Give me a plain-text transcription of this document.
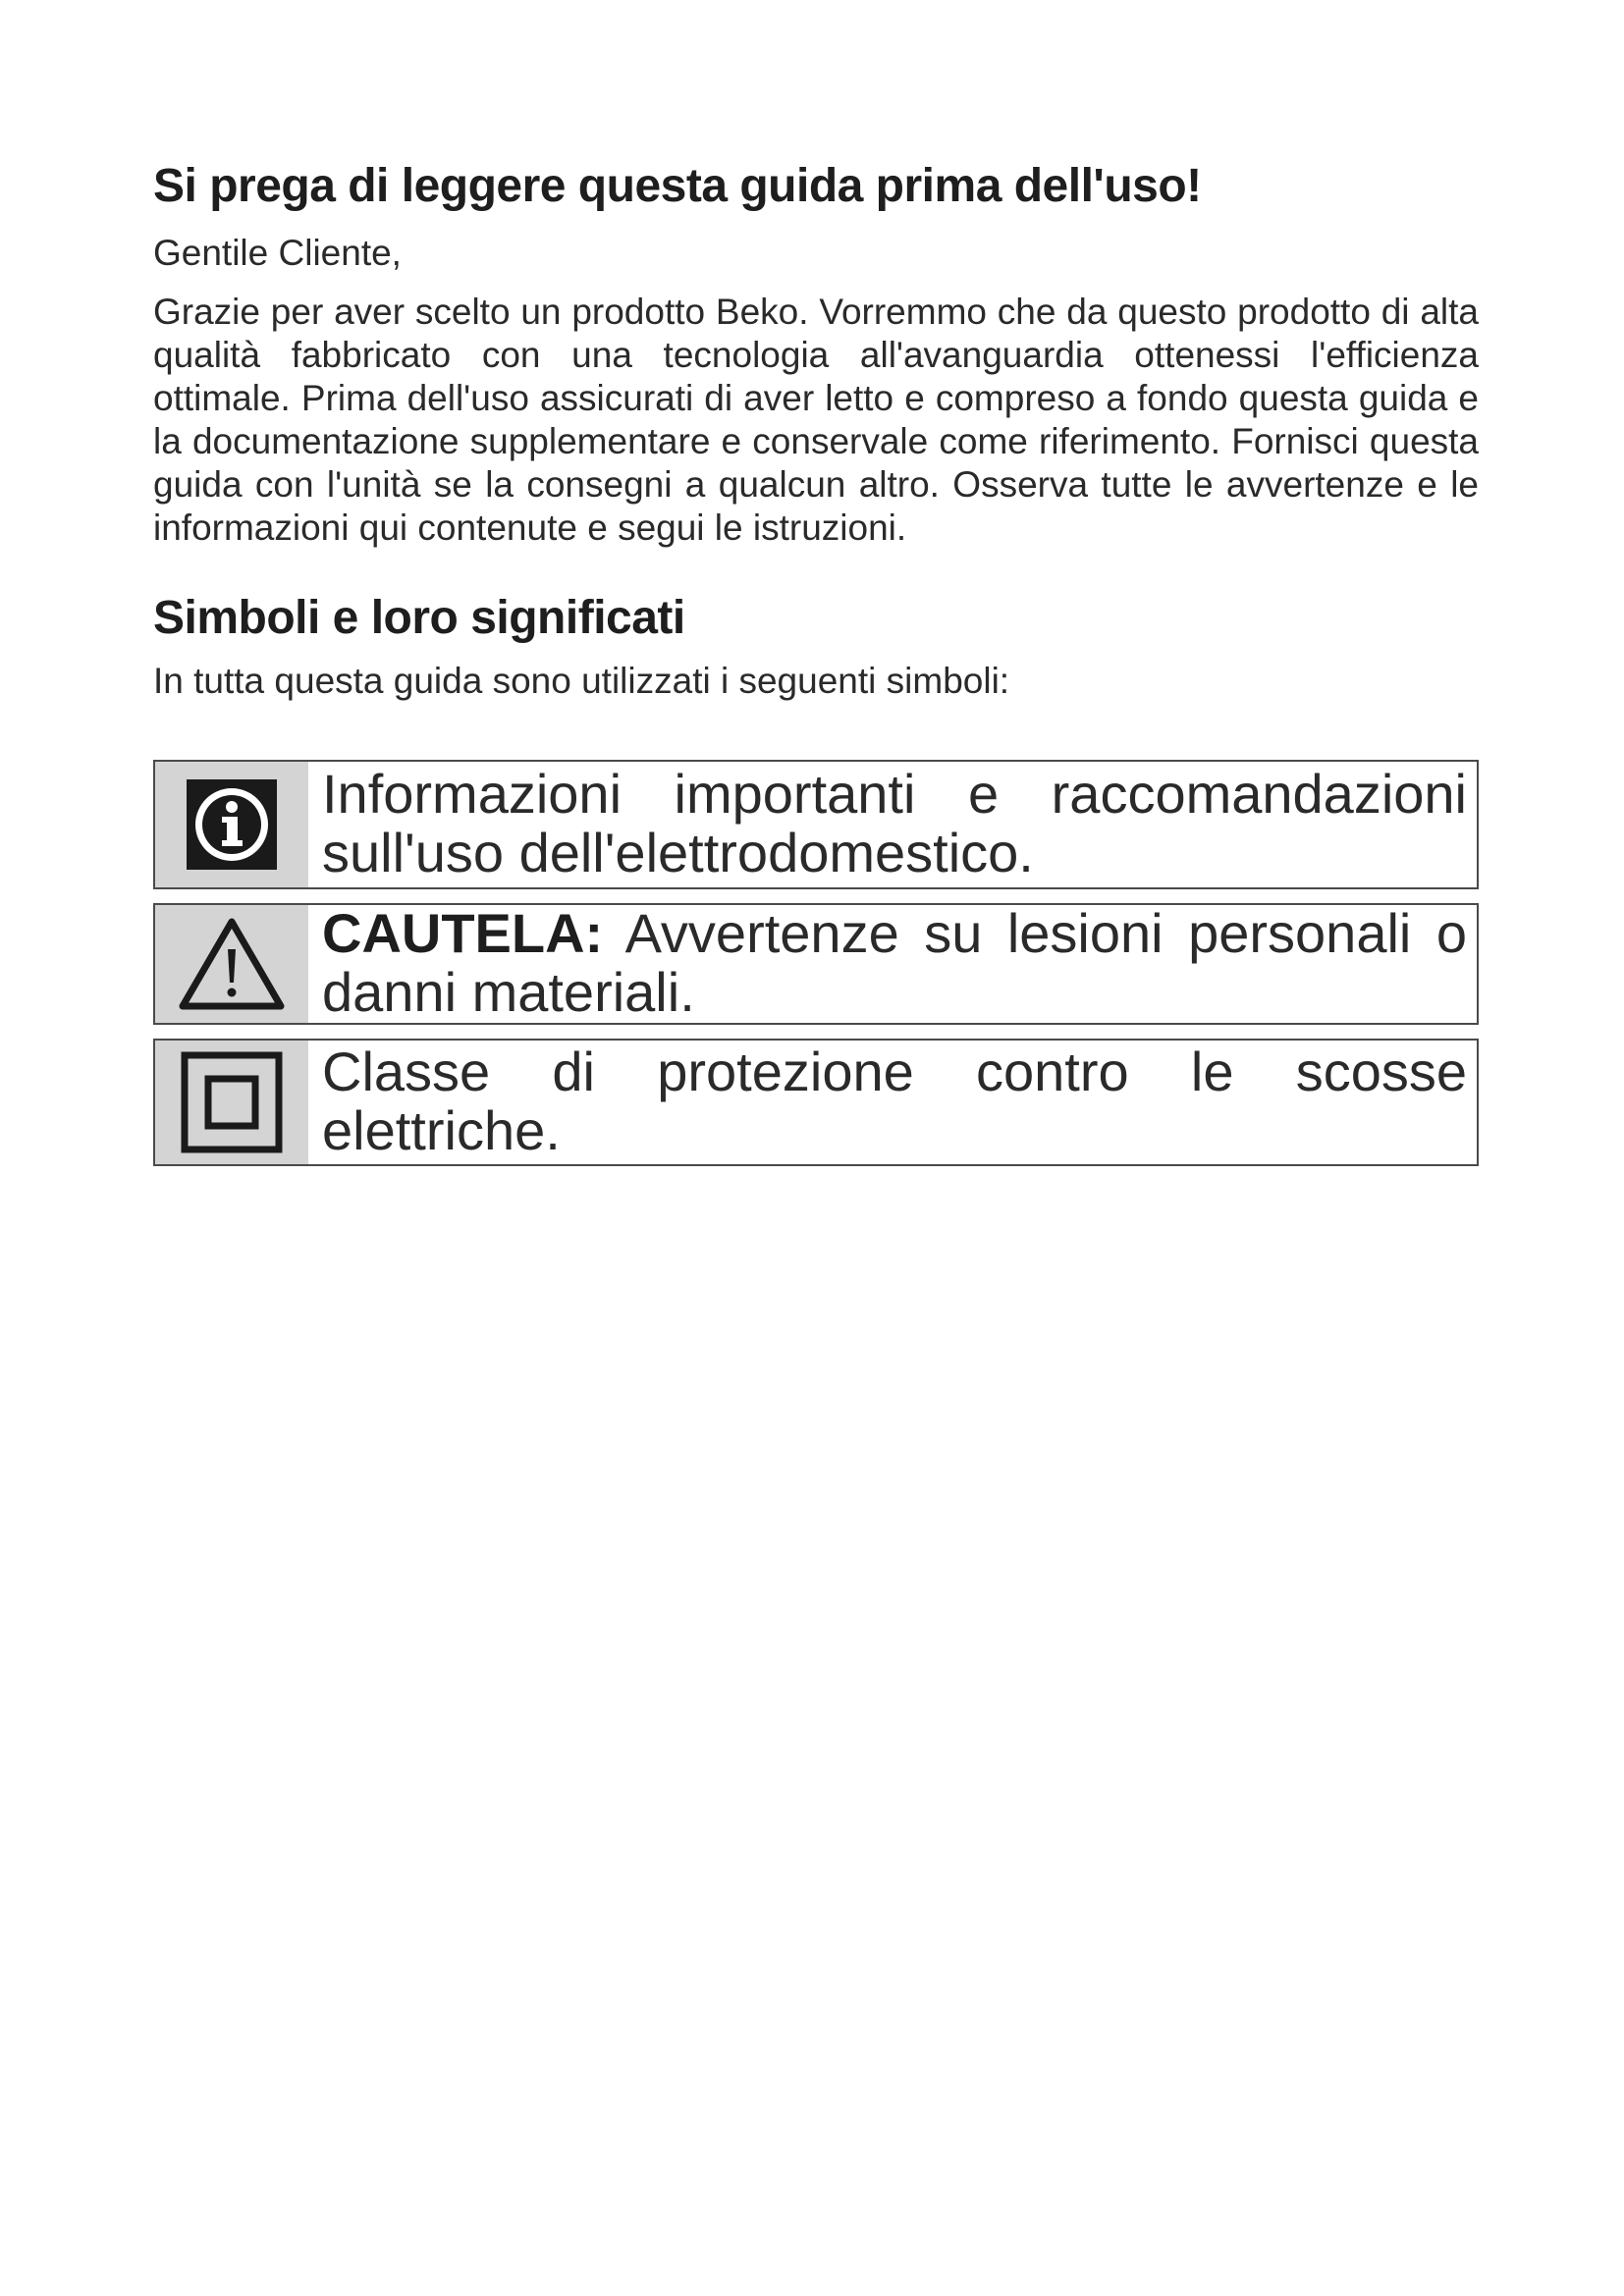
Si prega di leggere questa guida prima dell'uso!

Gentile Cliente,

Grazie per aver scelto un prodotto Beko. Vorremmo che da questo prodotto di alta qualità fabbricato con una tecnologia all'avanguardia ottenessi l'efficienza ottimale. Prima dell'uso assicurati di aver letto e compreso a fondo questa guida e la documentazione supplementare e conservale come riferimento. Fornisci questa guida con l'unità se la consegni a qualcun altro. Osserva tutte le avvertenze e le informazioni qui contenute e segui le istruzioni.

Simboli e loro significati

In tutta questa guida sono utilizzati i seguenti simboli:

Informazioni importanti e raccomandazioni sull'uso dell'elettrodomestico.
CAUTELA: Avvertenze su lesioni personali o danni materiali.
Classe di protezione contro le scosse elettriche.
